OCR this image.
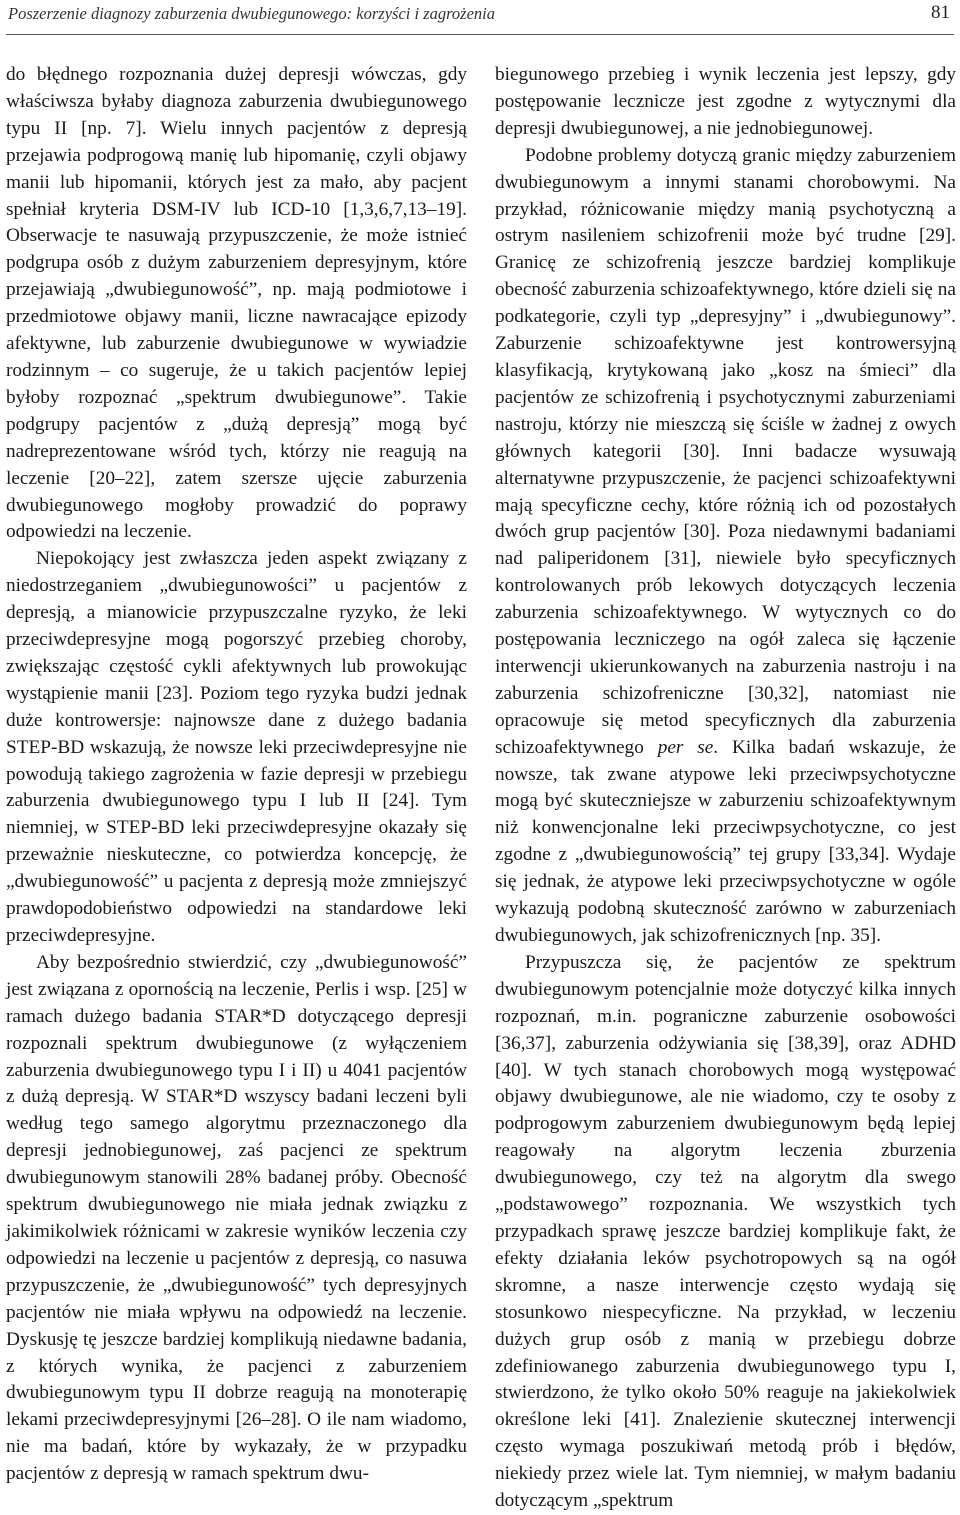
Poszerzenie diagnozy zaburzenia dwubiegunowego: korzyści i zagrożenia	81

do błędnego rozpoznania dużej depresji wówczas, gdy właściwsza byłaby diagnoza zaburzenia dwubiegunowego typu II [np. 7]. Wielu innych pacjentów z depresją przejawia podprogową manię lub hipomanię, czyli objawy manii lub hipomanii, których jest za mało, aby pacjent spełniał kryteria DSM-IV lub ICD-10 [1,3,6,7,13–19]. Obserwacje te nasuwają przypuszczenie, że może istnieć podgrupa osób z dużym zaburzeniem depresyjnym, które przejawiają „dwubiegunowość”, np. mają podmiotowe i przedmiotowe objawy manii, liczne nawracające epizody afektywne, lub zaburzenie dwubiegunowe w wywiadzie rodzinnym – co sugeruje, że u takich pacjentów lepiej byłoby rozpoznać „spektrum dwubiegunowe”. Takie podgrupy pacjentów z „dużą depresją” mogą być nadreprezentowane wśród tych, którzy nie reagują na leczenie [20–22], zatem szersze ujęcie zaburzenia dwubiegunowego mogłoby prowadzić do poprawy odpowiedzi na leczenie.

Niepokojący jest zwłaszcza jeden aspekt związany z niedostrzeganiem „dwubiegunowości” u pacjentów z depresją, a mianowicie przypuszczalne ryzyko, że leki przeciwdepresyjne mogą pogorszyć przebieg choroby, zwiększając częstość cykli afektywnych lub prowokując wystąpienie manii [23]. Poziom tego ryzyka budzi jednak duże kontrowersje: najnowsze dane z dużego badania STEP-BD wskazują, że nowsze leki przeciwdepresyjne nie powodują takiego zagrożenia w fazie depresji w przebiegu zaburzenia dwubiegunowego typu I lub II [24]. Tym niemniej, w STEP-BD leki przeciwdepresyjne okazały się przeważnie nieskuteczne, co potwierdza koncepcję, że „dwubiegunowość” u pacjenta z depresją może zmniejszyć prawdopodobieństwo odpowiedzi na standardowe leki przeciwdepresyjne.

Aby bezpośrednio stwierdzić, czy „dwubiegunowość” jest związana z opornością na leczenie, Perlis i wsp. [25] w ramach dużego badania STAR*D dotyczącego depresji rozpoznali spektrum dwubiegunowe (z wyłączeniem zaburzenia dwubiegunowego typu I i II) u 4041 pacjentów z dużą depresją. W STAR*D wszyscy badani leczeni byli według tego samego algorytmu przeznaczonego dla depresji jednobiegunowej, zaś pacjenci ze spektrum dwubiegunowym stanowili 28% badanej próby. Obecność spektrum dwubiegunowego nie miała jednak związku z jakimikolwiek różnicami w zakresie wyników leczenia czy odpowiedzi na leczenie u pacjentów z depresją, co nasuwa przypuszczenie, że „dwubiegunowość” tych depresyjnych pacjentów nie miała wpływu na odpowiedź na leczenie. Dyskusję tę jeszcze bardziej komplikują niedawne badania, z których wynika, że pacjenci z zaburzeniem dwubiegunowym typu II dobrze reagują na monoterapię lekami przeciwdepresyjnymi [26–28]. O ile nam wiadomo, nie ma badań, które by wykazały, że w przypadku pacjentów z depresją w ramach spektrum dwu-

biegunowego przebieg i wynik leczenia jest lepszy, gdy postępowanie lecznicze jest zgodne z wytycznymi dla depresji dwubiegunowej, a nie jednobiegunowej.

Podobne problemy dotyczą granic między zaburzeniem dwubiegunowym a innymi stanami chorobowymi. Na przykład, różnicowanie między manią psychotyczną a ostrym nasileniem schizofrenii może być trudne [29]. Granicę ze schizofrenią jeszcze bardziej komplikuje obecność zaburzenia schizoafektywnego, które dzieli się na podkategorie, czyli typ „depresyjny” i „dwubiegunowy”. Zaburzenie schizoafektywne jest kontrowersyjną klasyfikacją, krytykowaną jako „kosz na śmieci” dla pacjentów ze schizofrenią i psychotycznymi zaburzeniami nastroju, którzy nie mieszczą się ściśle w żadnej z owych głównych kategorii [30]. Inni badacze wysuwają alternatywne przypuszczenie, że pacjenci schizoafektywni mają specyficzne cechy, które różnią ich od pozostałych dwóch grup pacjentów [30]. Poza niedawnymi badaniami nad paliperidonem [31], niewiele było specyficznych kontrolowanych prób lekowych dotyczących leczenia zaburzenia schizoafektywnego. W wytycznych co do postępowania leczniczego na ogół zaleca się łączenie interwencji ukierunkowanych na zaburzenia nastroju i na zaburzenia schizofreniczne [30,32], natomiast nie opracowuje się metod specyficznych dla zaburzenia schizoafektywnego per se. Kilka badań wskazuje, że nowsze, tak zwane atypowe leki przeciwpsychotyczne mogą być skuteczniejsze w zaburzeniu schizoafektywnym niż konwencjonalne leki przeciwpsychotyczne, co jest zgodne z „dwubiegunowością” tej grupy [33,34]. Wydaje się jednak, że atypowe leki przeciwpsychotyczne w ogóle wykazują podobną skuteczność zarówno w zaburzeniach dwubiegunowych, jak schizofrenicznych [np. 35].

Przypuszcza się, że pacjentów ze spektrum dwubiegunowym potencjalnie może dotyczyć kilka innych rozpoznań, m.in. pograniczne zaburzenie osobowości [36,37], zaburzenia odżywiania się [38,39], oraz ADHD [40]. W tych stanach chorobowych mogą występować objawy dwubiegunowe, ale nie wiadomo, czy te osoby z podprogowym zaburzeniem dwubiegunowym będą lepiej reagowały na algorytm leczenia zburzenia dwubiegunowego, czy też na algorytm dla swego „podstawowego” rozpoznania. We wszystkich tych przypadkach sprawę jeszcze bardziej komplikuje fakt, że efekty działania leków psychotropowych są na ogół skromne, a nasze interwencje często wydają się stosunkowo niespecyficzne. Na przykład, w leczeniu dużych grup osób z manią w przebiegu dobrze zdefiniowanego zaburzenia dwubiegunowego typu I, stwierdzono, że tylko około 50% reaguje na jakiekolwiek określone leki [41]. Znalezienie skutecznej interwencji często wymaga poszukiwań metodą prób i błędów, niekiedy przez wiele lat. Tym niemniej, w małym badaniu dotyczącym „spektrum
